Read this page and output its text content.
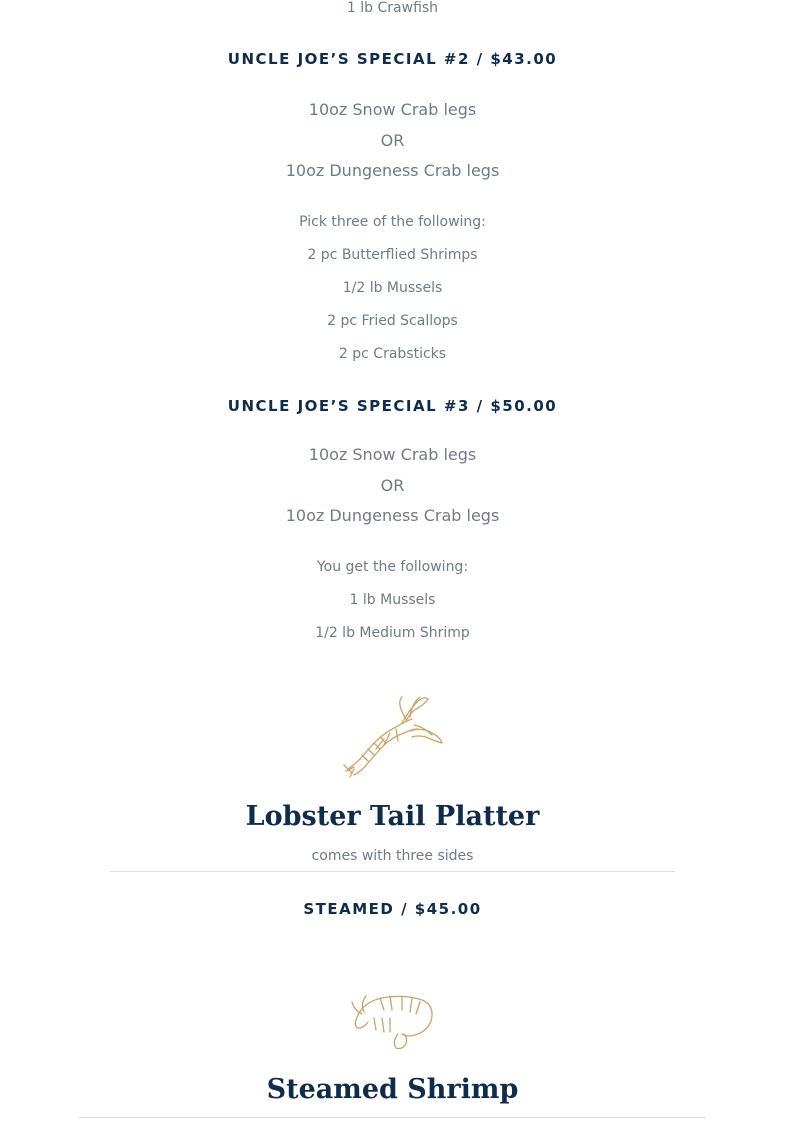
1 lb Crawfish
UNCLE JOE’S SPECIAL #2 / $43.00
10oz Snow Crab legs
OR
10oz Dungeness Crab legs
Pick three of the following:
2 pc Butterflied Shrimps
1/2 lb Mussels
2 pc Fried Scallops
2 pc Crabsticks
UNCLE JOE’S SPECIAL #3 / $50.00
10oz Snow Crab legs
OR
10oz Dungeness Crab legs
You get the following:
1 lb Mussels
1/2 lb Medium Shrimp
Lobster Tail Platter
comes with three sides
STEAMED / $45.00
Steamed Shrimp
